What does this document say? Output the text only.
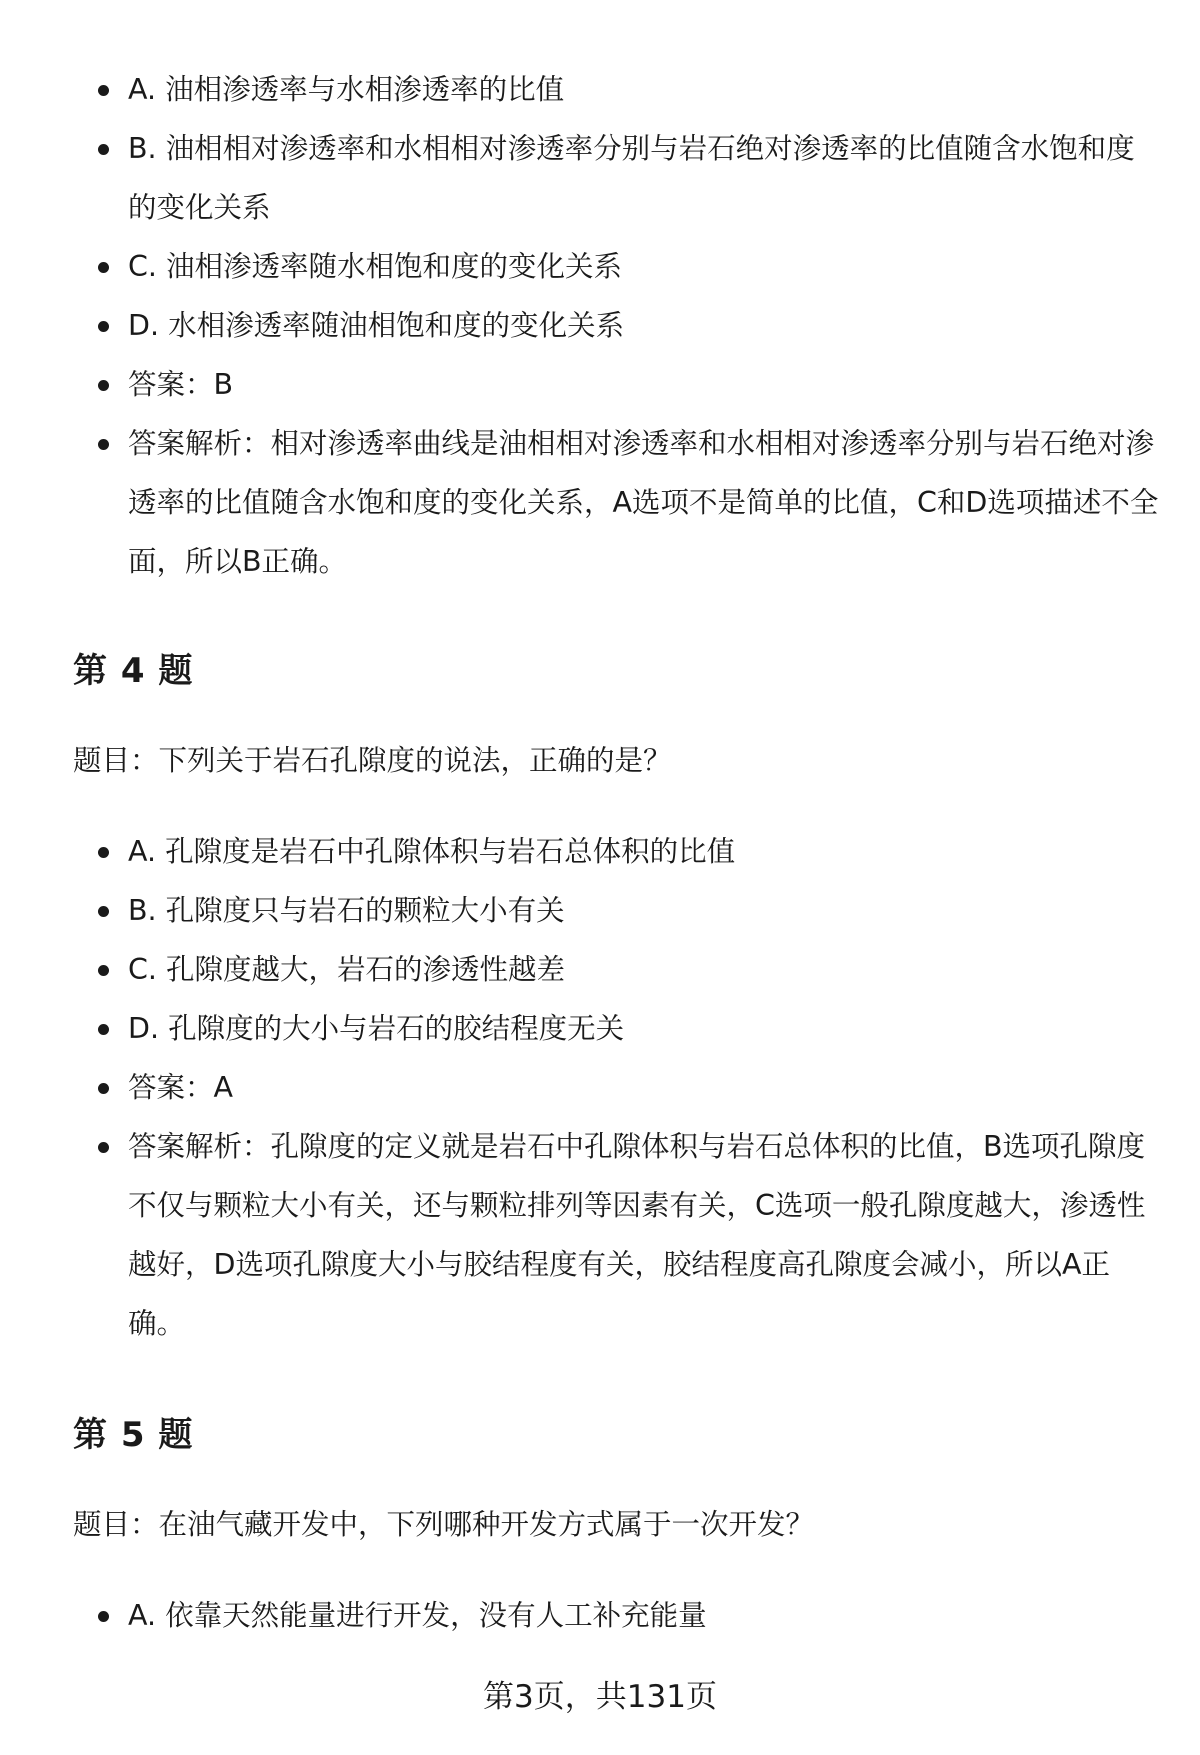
A. 油相渗透率与水相渗透率的比值
B. 油相相对渗透率和水相相对渗透率分别与岩石绝对渗透率的比值随含水饱和度的变化关系
C. 油相渗透率随水相饱和度的变化关系
D. 水相渗透率随油相饱和度的变化关系
答案：B
答案解析：相对渗透率曲线是油相相对渗透率和水相相对渗透率分别与岩石绝对渗透率的比值随含水饱和度的变化关系，A选项不是简单的比值，C和D选项描述不全面，所以B正确。
第 4 题
题目：下列关于岩石孔隙度的说法，正确的是？
A. 孔隙度是岩石中孔隙体积与岩石总体积的比值
B. 孔隙度只与岩石的颗粒大小有关
C. 孔隙度越大，岩石的渗透性越差
D. 孔隙度的大小与岩石的胶结程度无关
答案：A
答案解析：孔隙度的定义就是岩石中孔隙体积与岩石总体积的比值，B选项孔隙度不仅与颗粒大小有关，还与颗粒排列等因素有关，C选项一般孔隙度越大，渗透性越好，D选项孔隙度大小与胶结程度有关，胶结程度高孔隙度会减小，所以A正确。
第 5 题
题目：在油气藏开发中，下列哪种开发方式属于一次开发？
A. 依靠天然能量进行开发，没有人工补充能量
第3页，共131页
